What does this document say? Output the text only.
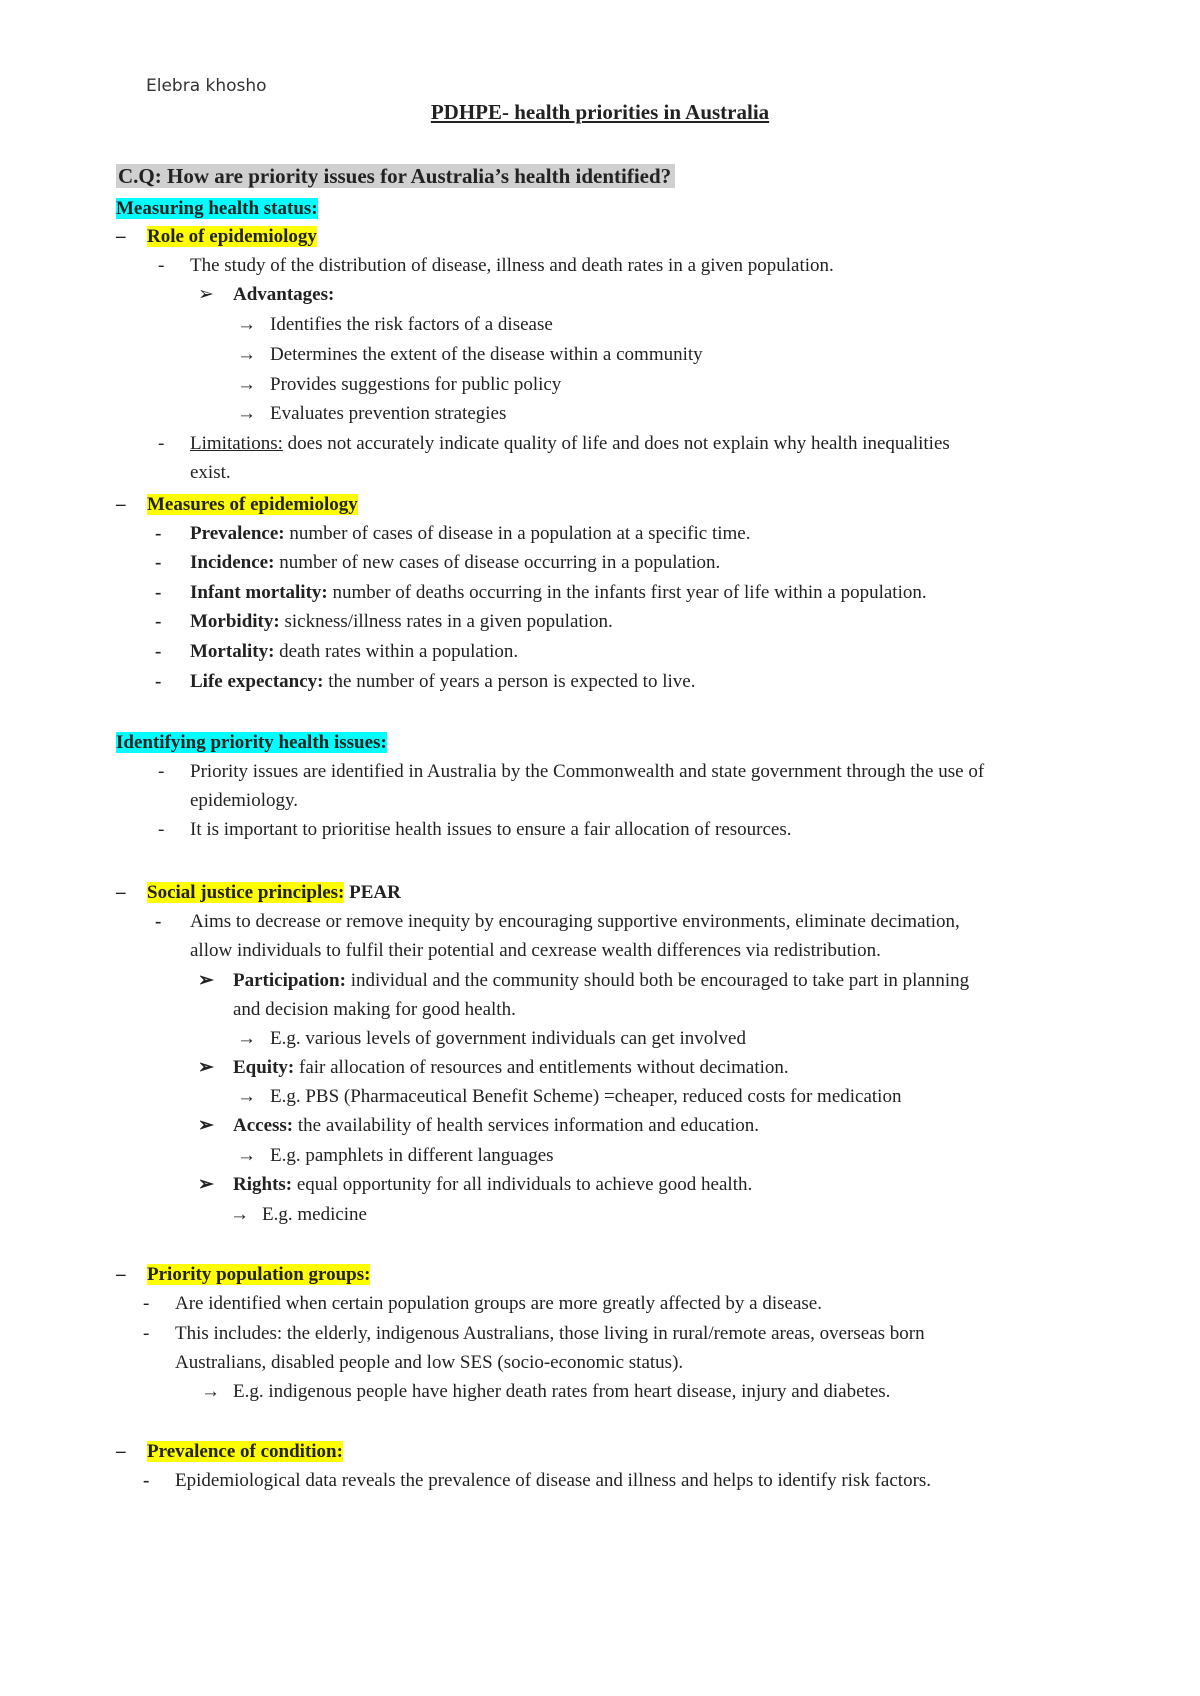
Elebra khosho
PDHPE- health priorities in Australia
C.Q: How are priority issues for Australia’s health identified?
Measuring health status:
– Role of epidemiology
- The study of the distribution of disease, illness and death rates in a given population.
➢ Advantages:
→ Identifies the risk factors of a disease
→ Determines the extent of the disease within a community
→ Provides suggestions for public policy
→ Evaluates prevention strategies
- Limitations: does not accurately indicate quality of life and does not explain why health inequalities
exist.
– Measures of epidemiology
- Prevalence: number of cases of disease in a population at a specific time.
- Incidence: number of new cases of disease occurring in a population.
- Infant mortality: number of deaths occurring in the infants first year of life within a population.
- Morbidity: sickness/illness rates in a given population.
- Mortality: death rates within a population.
- Life expectancy: the number of years a person is expected to live.
Identifying priority health issues:
- Priority issues are identified in Australia by the Commonwealth and state government through the use of
epidemiology.
- It is important to prioritise health issues to ensure a fair allocation of resources.
– Social justice principles: PEAR
- Aims to decrease or remove inequity by encouraging supportive environments, eliminate decimation,
allow individuals to fulfil their potential and cexrease wealth differences via redistribution.
➢ Participation: individual and the community should both be encouraged to take part in planning
and decision making for good health.
→ E.g. various levels of government individuals can get involved
➢ Equity: fair allocation of resources and entitlements without decimation.
→ E.g. PBS (Pharmaceutical Benefit Scheme) =cheaper, reduced costs for medication
➢ Access: the availability of health services information and education.
→ E.g. pamphlets in different languages
➢ Rights: equal opportunity for all individuals to achieve good health.
→ E.g. medicine
– Priority population groups:
- Are identified when certain population groups are more greatly affected by a disease.
- This includes: the elderly, indigenous Australians, those living in rural/remote areas, overseas born
Australians, disabled people and low SES (socio-economic status).
→ E.g. indigenous people have higher death rates from heart disease, injury and diabetes.
– Prevalence of condition:
- Epidemiological data reveals the prevalence of disease and illness and helps to identify risk factors.
